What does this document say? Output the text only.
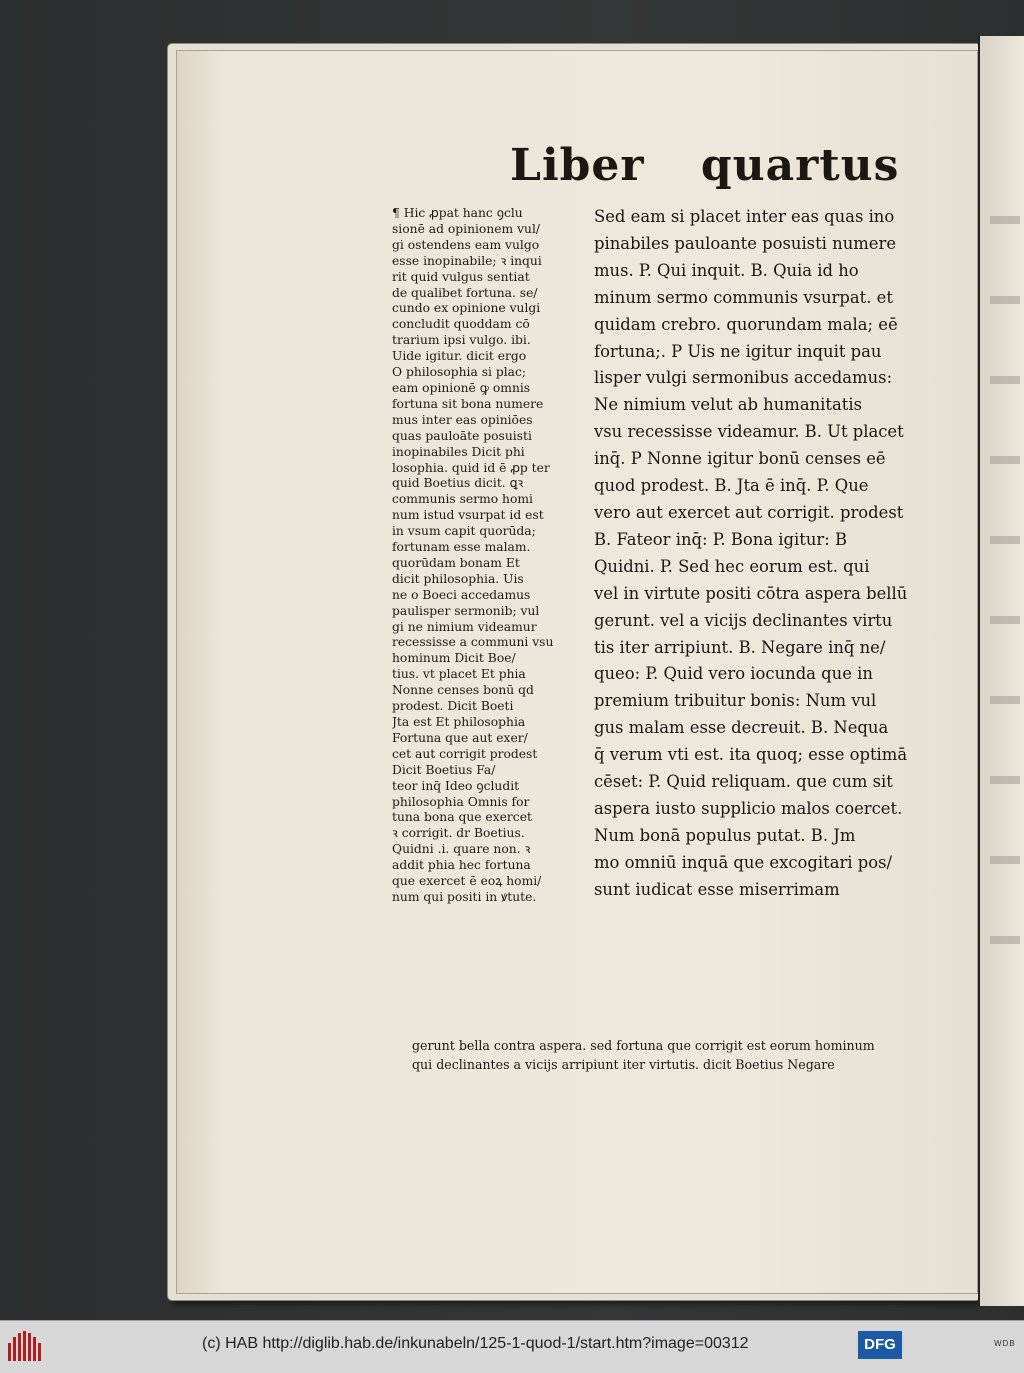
Liber quartus
¶ Hic ꝓpat hanc ꝯclu
sionē ad opinionem vul/
gi ostendens eam vulgo
esse inopinabile; ꝛ inqui
rit quid vulgus sentiat
de qualibet fortuna. se/
cundo ex opinione vulgi
concludit quoddam cō
trarium ipsi vulgo. ibi.
Uide igitur. dicit ergo
O philosophia si plac;
eam opinionē ꝙ omnis
fortuna sit bona numere
mus inter eas opiniōes
quas pauloāte posuisti
inopinabiles Dicit phi
losophia. quid id ē ꝓp ter
quid Boetius dicit. ꝗꝛ
communis sermo homi
num istud vsurpat id est
in vsum capit quorūda;
fortunam esse malam.
quorūdam bonam Et
dicit philosophia. Uis
ne o Boeci accedamus
paulisper sermonib; vul
gi ne nimium videamur
recessisse a communi vsu
hominum Dicit Boe/
tius. vt placet Et phia
Nonne censes bonū qd
prodest. Dicit Boeti
Jta est Et philosophia
Fortuna que aut exer/
cet aut corrigit prodest
Dicit Boetius Fa/
teor inq̄ Ideo ꝯcludit
philosophia Omnis for
tuna bona que exercet
ꝛ corrigit. dr Boetius.
Quidni .i. quare non. ꝛ
addit phia hec fortuna
que exercet ē eoꝝ homi/
num qui positi in ꝟtute.
Sed eam si placet inter eas quas ino
pinabiles pauloante posuisti numere
mus. P. Qui inquit. B. Quia id ho
minum sermo communis vsurpat. et
quidam crebro. quorundam mala; eē
fortuna;. P Uis ne igitur inquit pau
lisper vulgi sermonibus accedamus:
Ne nimium velut ab humanitatis
vsu recessisse videamur. B. Ut placet
inq̄. P Nonne igitur bonū censes eē
quod prodest. B. Jta ē inq̄. P. Que
vero aut exercet aut corrigit. prodest
B. Fateor inq̄: P. Bona igitur: B
Quidni. P. Sed hec eorum est. qui
vel in virtute positi cōtra aspera bellū
gerunt. vel a vicijs declinantes virtu
tis iter arripiunt. B. Negare inq̄ ne/
queo: P. Quid vero iocunda que in
premium tribuitur bonis: Num vul
gus malam esse decreuit. B. Nequa
q̄ verum vti est. ita quoq; esse optimā
cēset: P. Quid reliquam. que cum sit
aspera iusto supplicio malos coercet.
Num bonā populus putat. B. Jm
mo omniū inquā que excogitari pos/
sunt iudicat esse miserrimam
gerunt bella contra aspera. sed fortuna que corrigit est eorum hominum
qui declinantes a vicijs arripiunt iter virtutis. dicit Boetius Negare
(c) HAB http://diglib.hab.de/inkunabeln/125-1-quod-1/start.htm?image=00312	DFG	WDB
